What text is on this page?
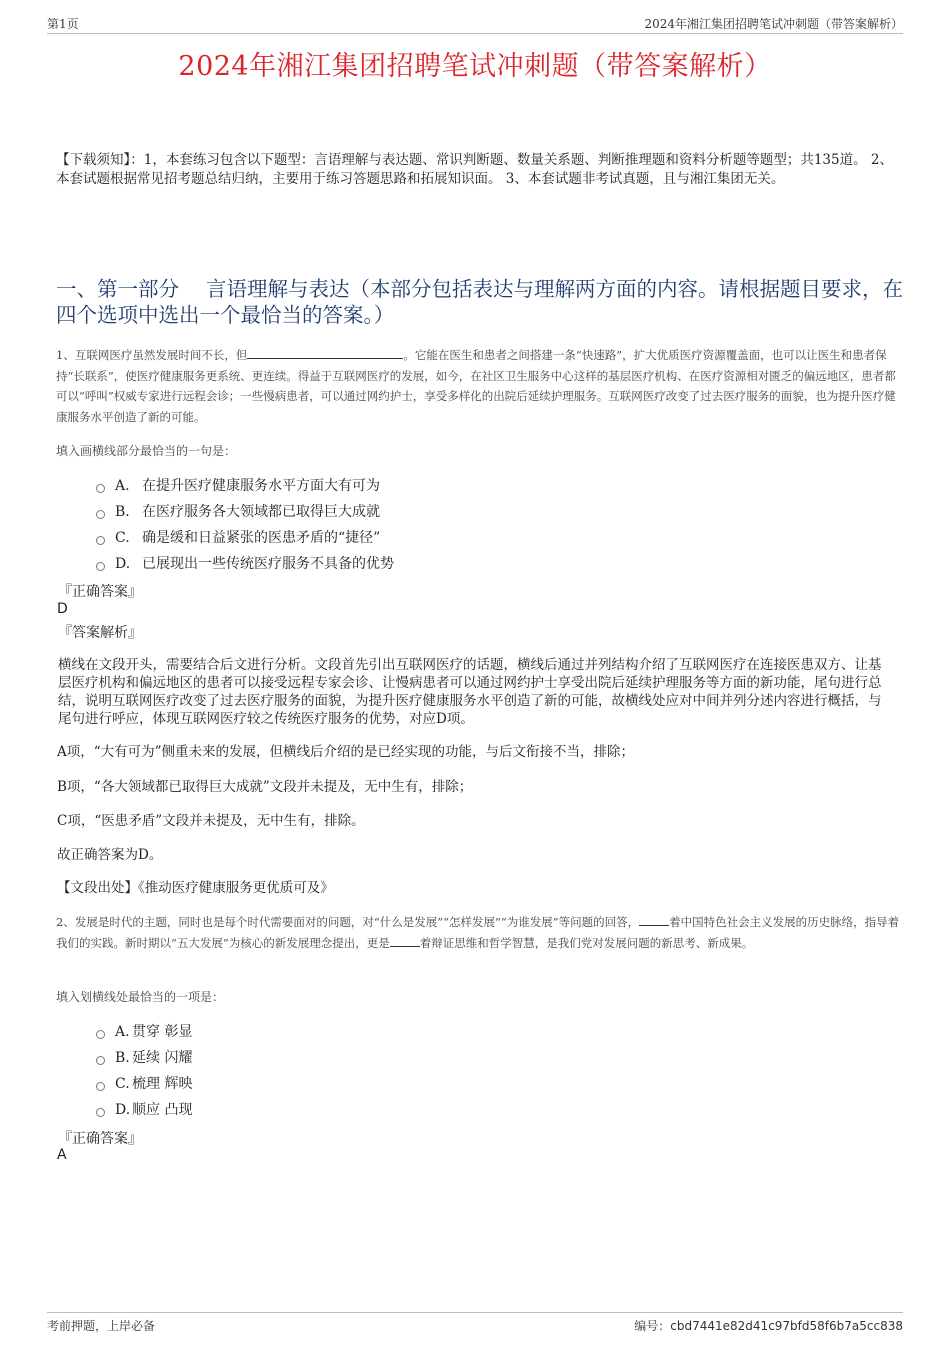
第1页	2024年湘江集团招聘笔试冲刺题（带答案解析）
2024年湘江集团招聘笔试冲刺题（带答案解析）
【下载须知】：1，本套练习包含以下题型：言语理解与表达题、常识判断题、数量关系题、判断推理题和资料分析题等题型；共135道。 2、本套试题根据常见招考题总结归纳，主要用于练习答题思路和拓展知识面。 3、本套试题非考试真题，且与湘江集团无关。
一、第一部分　 言语理解与表达（本部分包括表达与理解两方面的内容。请根据题目要求，在四个选项中选出一个最恰当的答案。）
1、互联网医疗虽然发展时间不长，但	。它能在医生和患者之间搭建一条“快速路”，扩大优质医疗资源覆盖面，也可以让医生和患者保持“长联系”，使医疗健康服务更系统、更连续。得益于互联网医疗的发展，如今，在社区卫生服务中心这样的基层医疗机构、在医疗资源相对匮乏的偏远地区，患者都可以“呼叫”权威专家进行远程会诊；一些慢病患者，可以通过网约护士，享受多样化的出院后延续护理服务。互联网医疗改变了过去医疗服务的面貌，也为提升医疗健康服务水平创造了新的可能。
填入画横线部分最恰当的一句是：
A. 在提升医疗健康服务水平方面大有可为
B. 在医疗服务各大领域都已取得巨大成就
C. 确是缓和日益紧张的医患矛盾的“捷径”
D. 已展现出一些传统医疗服务不具备的优势
『正确答案』
D
『答案解析』
横线在文段开头，需要结合后文进行分析。文段首先引出互联网医疗的话题，横线后通过并列结构介绍了互联网医疗在连接医患双方、让基层医疗机构和偏远地区的患者可以接受远程专家会诊、让慢病患者可以通过网约护士享受出院后延续护理服务等方面的新功能，尾句进行总结，说明互联网医疗改变了过去医疗服务的面貌，为提升医疗健康服务水平创造了新的可能，故横线处应对中间并列分述内容进行概括，与尾句进行呼应，体现互联网医疗较之传统医疗服务的优势，对应D项。
A项，“大有可为”侧重未来的发展，但横线后介绍的是已经实现的功能，与后文衔接不当，排除；
B项，“各大领域都已取得巨大成就”文段并未提及，无中生有，排除；
C项，“医患矛盾”文段并未提及，无中生有，排除。
故正确答案为D。
【文段出处】《推动医疗健康服务更优质可及》
2、发展是时代的主题，同时也是每个时代需要面对的问题，对“什么是发展”“怎样发展”“为谁发展”等问题的回答，	着中国特色社会主义发展的历史脉络，指导着我们的实践。新时期以“五大发展”为核心的新发展理念提出，更是	着辩证思维和哲学智慧，是我们党对发展问题的新思考、新成果。
填入划横线处最恰当的一项是：
A. 贯穿 彰显
B. 延续 闪耀
C. 梳理 辉映
D. 顺应 凸现
『正确答案』
A
考前押题，上岸必备	编号：cbd7441e82d41c97bfd58f6b7a5cc838
